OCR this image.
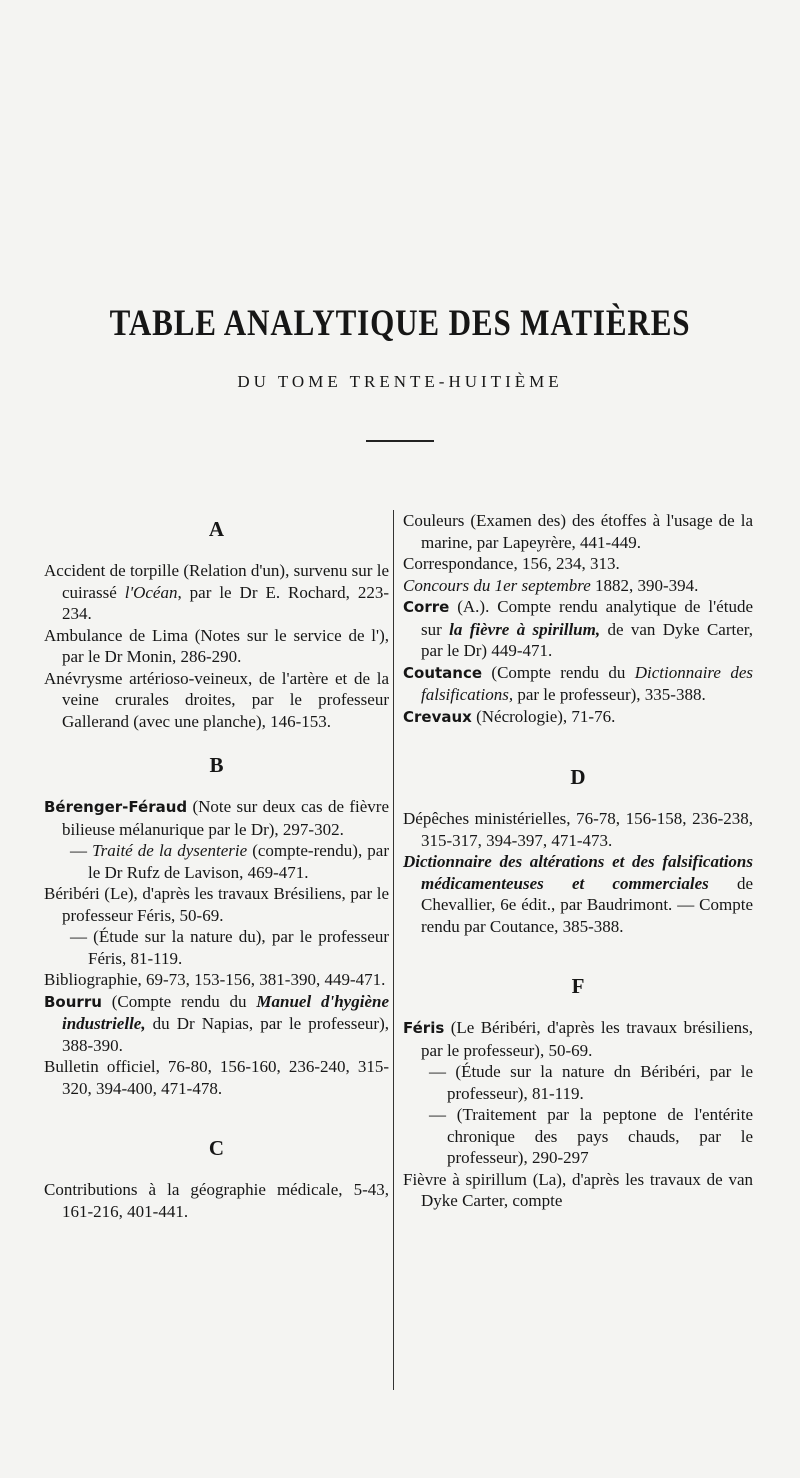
TABLE ANALYTIQUE DES MATIÈRES
DU TOME TRENTE-HUITIÈME

A

Accident de torpille (Relation d'un), survenu sur le cuirassé l'Océan, par le Dr E. Rochard, 223-234.

Ambulance de Lima (Notes sur le service de l'), par le Dr Monin, 286-290.

Anévrysme artérioso-veineux, de l'artère et de la veine crurales droites, par le professeur Gallerand (avec une planche), 146-153.

B

Bérenger-Féraud (Note sur deux cas de fièvre bilieuse mélanurique par le Dr), 297-302.

— Traité de la dysenterie (compte-rendu), par le Dr Rufz de Lavison, 469-471.

Béribéri (Le), d'après les travaux Brésiliens, par le professeur Féris, 50-69.

— (Étude sur la nature du), par le professeur Féris, 81-119.

Bibliographie, 69-73, 153-156, 381-390, 449-471.

Bourru (Compte rendu du Manuel d'hygiène industrielle, du Dr Napias, par le professeur), 388-390.

Bulletin officiel, 76-80, 156-160, 236-240, 315-320, 394-400, 471-478.

C

Contributions à la géographie médicale, 5-43, 161-216, 401-441.

Couleurs (Examen des) des étoffes à l'usage de la marine, par Lapeyrère, 441-449.

Correspondance, 156, 234, 313.

Concours du 1er septembre 1882, 390-394.

Corre (A.). Compte rendu analytique de l'étude sur la fièvre à spirillum, de van Dyke Carter, par le Dr) 449-471.

Coutance (Compte rendu du Dictionnaire des falsifications, par le professeur), 335-388.

Crevaux (Nécrologie), 71-76.

D

Dépêches ministérielles, 76-78, 156-158, 236-238, 315-317, 394-397, 471-473.

Dictionnaire des altérations et des falsifications médicamenteuses et commerciales de Chevallier, 6e édit., par Baudrimont. — Compte rendu par Coutance, 385-388.

F

Féris (Le Béribéri, d'après les travaux brésiliens, par le professeur), 50-69.

— (Étude sur la nature dn Béribéri, par le professeur), 81-119.

— (Traitement par la peptone de l'entérite chronique des pays chauds, par le professeur), 290-297

Fièvre à spirillum (La), d'après les travaux de van Dyke Carter, compte
